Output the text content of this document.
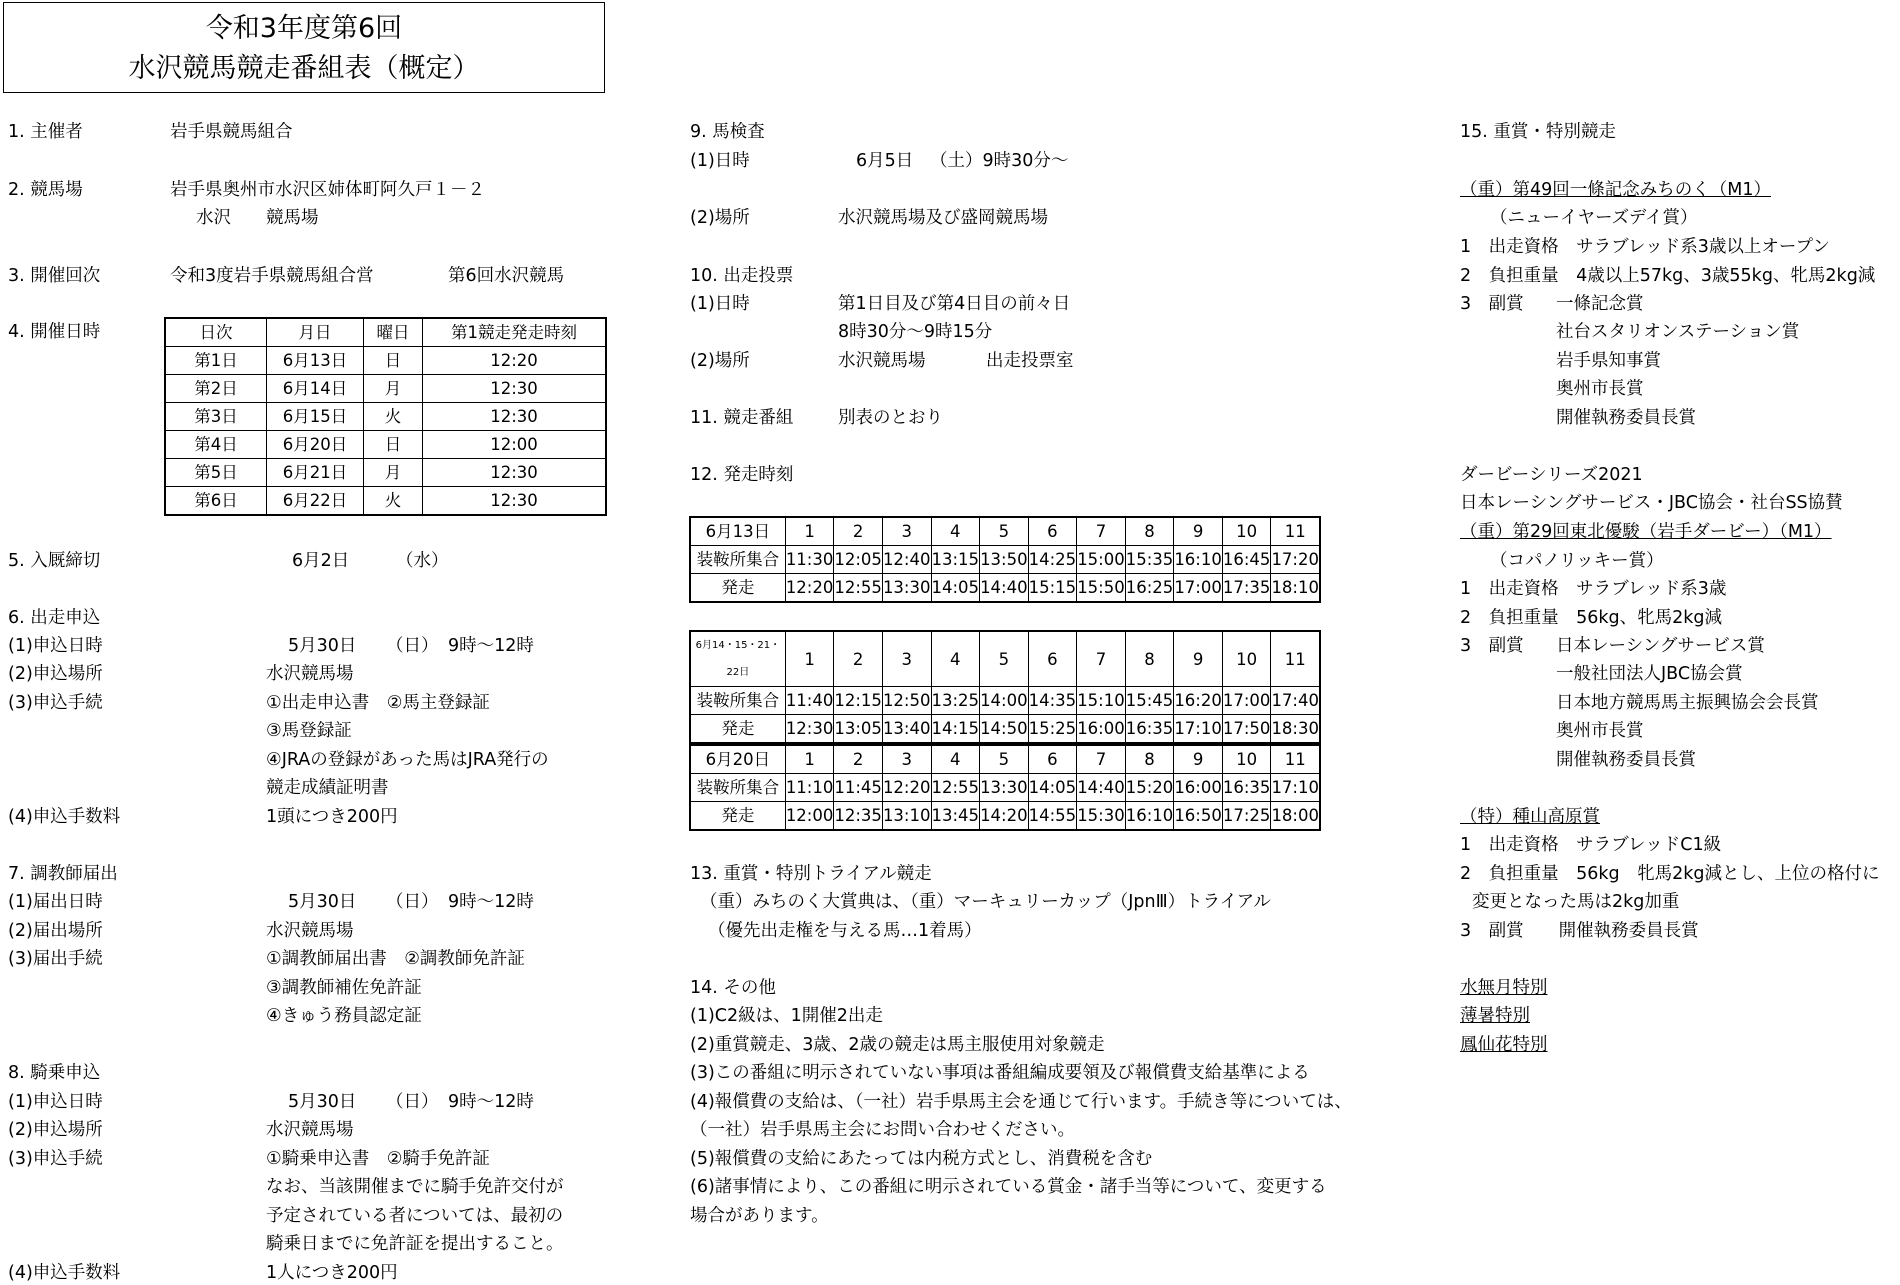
令和3年度第6回
水沢競馬競走番組表（概定）
1. 主催者	岩手県競馬組合
2. 競馬場	岩手県奥州市水沢区姉体町阿久戸１－２
水沢　　競馬場
3. 開催回次	令和3度岩手県競馬組合営	第6回水沢競馬
4. 開催日時	日次	月日	曜日	第1競走発走時刻
第1日	6月13日	日	12:20
第2日	6月14日	月	12:30
第3日	6月15日	火	12:30
第4日	6月20日	日	12:00
第5日	6月21日	月	12:30
第6日	6月22日	火	12:30
5. 入厩締切	6月2日	（水）
6. 出走申込
(1)申込日時	5月30日 （日） 9時～12時
(2)申込場所	水沢競馬場
(3)申込手続	①出走申込書　②馬主登録証
③馬登録証
④JRAの登録があった馬はJRA発行の
競走成績証明書
(4)申込手数料	1頭につき200円
7. 調教師届出
(1)届出日時	5月30日 （日） 9時～12時
(2)届出場所	水沢競馬場
(3)届出手続	①調教師届出書　②調教師免許証
③調教師補佐免許証
④きゅう務員認定証
8. 騎乗申込
(1)申込日時	5月30日 （日） 9時～12時
(2)申込場所	水沢競馬場
(3)申込手続	①騎乗申込書　②騎手免許証
なお、当該開催までに騎手免許交付が
予定されている者については、最初の
騎乗日までに免許証を提出すること。
(4)申込手数料	1人につき200円
9. 馬検査
(1)日時	6月5日 （土）9時30分～
(2)場所	水沢競馬場及び盛岡競馬場
10. 出走投票
(1)日時	第1日目及び第4日目の前々日
8時30分～9時15分
(2)場所	水沢競馬場	出走投票室
11. 競走番組	別表のとおり
12. 発走時刻
6月13日	1	2	3	4	5	6	7	8	9	10	11
装鞍所集合	11:30	12:05	12:40	13:15	13:50	14:25	15:00	15:35	16:10	16:45	17:20
発走	12:20	12:55	13:30	14:05	14:40	15:15	15:50	16:25	17:00	17:35	18:10
6月14・15・21・22日	1	2	3	4	5	6	7	8	9	10	11
装鞍所集合	11:40	12:15	12:50	13:25	14:00	14:35	15:10	15:45	16:20	17:00	17:40
発走	12:30	13:05	13:40	14:15	14:50	15:25	16:00	16:35	17:10	17:50	18:30
6月20日	1	2	3	4	5	6	7	8	9	10	11
装鞍所集合	11:10	11:45	12:20	12:55	13:30	14:05	14:40	15:20	16:00	16:35	17:10
発走	12:00	12:35	13:10	13:45	14:20	14:55	15:30	16:10	16:50	17:25	18:00
13. 重賞・特別トライアル競走
（重）みちのく大賞典は、（重）マーキュリーカップ（JpnⅢ）トライアル
（優先出走権を与える馬…1着馬）
14. その他
(1)C2級は、1開催2出走
(2)重賞競走、3歳、2歳の競走は馬主服使用対象競走
(3)この番組に明示されていない事項は番組編成要領及び報償費支給基準による
(4)報償費の支給は、（一社）岩手県馬主会を通じて行います。手続き等については、
（一社）岩手県馬主会にお問い合わせください。
(5)報償費の支給にあたっては内税方式とし、消費税を含む
(6)諸事情により、この番組に明示されている賞金・諸手当等について、変更する
場合があります。
15. 重賞・特別競走
（重）第49回一條記念みちのく（M1）
（ニューイヤーズデイ賞）
1　出走資格　サラブレッド系3歳以上オープン
2　負担重量　4歳以上57kg、3歳55kg、牝馬2kg減
3　副賞 一條記念賞
社台スタリオンステーション賞
岩手県知事賞
奥州市長賞
開催執務委員長賞
ダービーシリーズ2021
日本レーシングサービス・JBC協会・社台SS協賛
（重）第29回東北優駿（岩手ダービー）（M1）
（コパノリッキー賞）
1　出走資格　サラブレッド系3歳
2　負担重量　56kg、牝馬2kg減
3　副賞 日本レーシングサービス賞
一般社団法人JBC協会賞
日本地方競馬馬主振興協会会長賞
奥州市長賞
開催執務委員長賞
（特）種山高原賞
1　出走資格　サラブレッドC1級
2　負担重量　56kg　牝馬2kg減とし、上位の格付に
変更となった馬は2kg加重
3　副賞　　開催執務委員長賞
水無月特別
薄暑特別
鳳仙花特別
